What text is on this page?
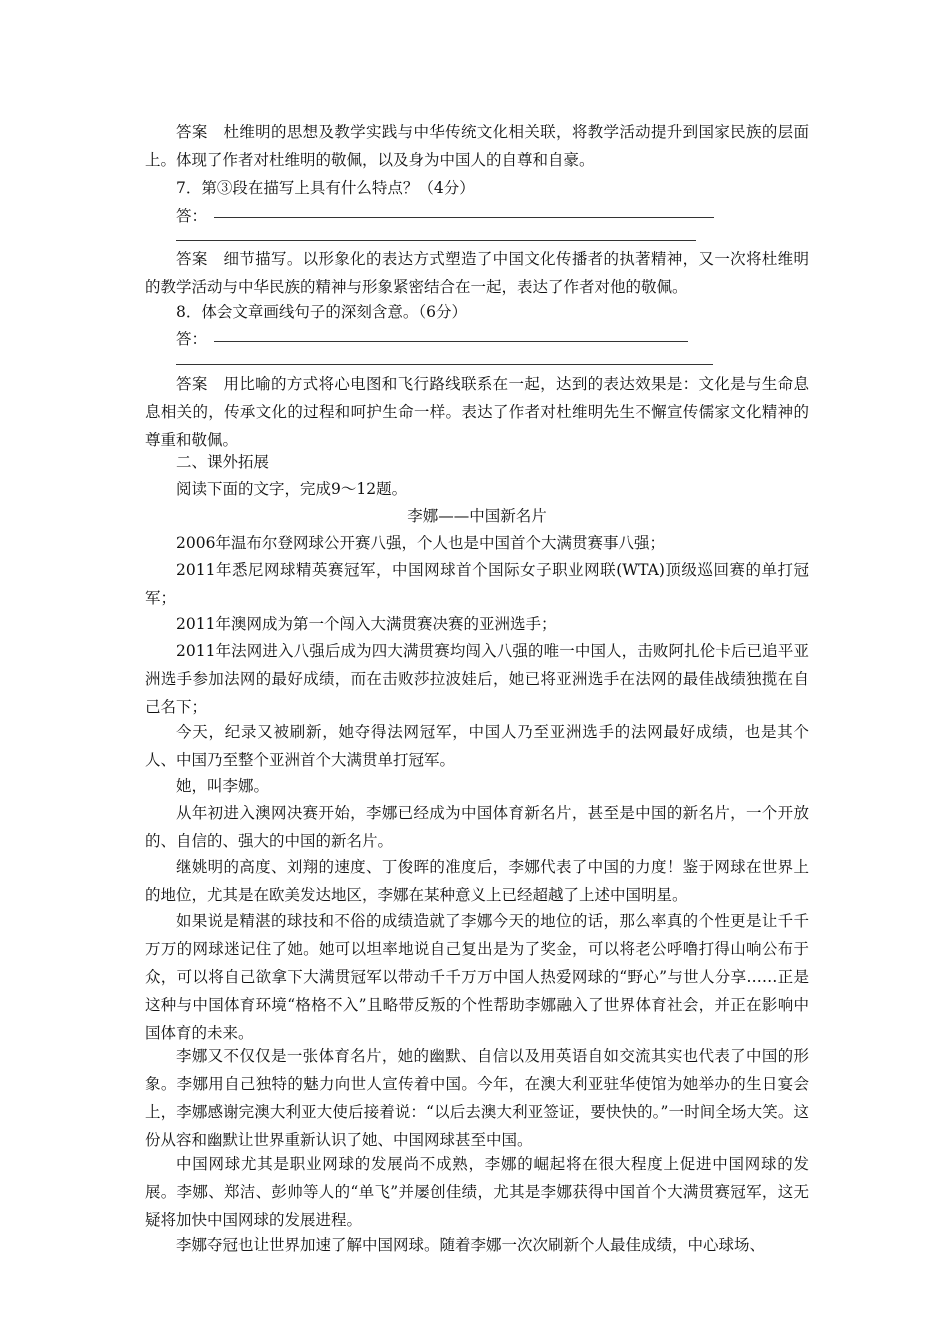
答案　杜维明的思想及教学实践与中华传统文化相关联，将教学活动提升到国家民族的层面上。体现了作者对杜维明的敬佩，以及身为中国人的自尊和自豪。
7．第③段在描写上具有什么特点？（4分）
答：
答案　细节描写。以形象化的表达方式塑造了中国文化传播者的执著精神，又一次将杜维明的教学活动与中华民族的精神与形象紧密结合在一起，表达了作者对他的敬佩。
8．体会文章画线句子的深刻含意。（6分）
答：
答案　用比喻的方式将心电图和飞行路线联系在一起，达到的表达效果是：文化是与生命息息相关的，传承文化的过程和呵护生命一样。表达了作者对杜维明先生不懈宣传儒家文化精神的尊重和敬佩。
二、课外拓展
阅读下面的文字，完成9～12题。
李娜——中国新名片
2006年温布尔登网球公开赛八强，个人也是中国首个大满贯赛事八强；
2011年悉尼网球精英赛冠军，中国网球首个国际女子职业网联(WTA)顶级巡回赛的单打冠军；
2011年澳网成为第一个闯入大满贯赛决赛的亚洲选手；
2011年法网进入八强后成为四大满贯赛均闯入八强的唯一中国人，击败阿扎伦卡后已追平亚洲选手参加法网的最好成绩，而在击败莎拉波娃后，她已将亚洲选手在法网的最佳战绩独揽在自己名下；
今天，纪录又被刷新，她夺得法网冠军，中国人乃至亚洲选手的法网最好成绩，也是其个人、中国乃至整个亚洲首个大满贯单打冠军。
她，叫李娜。
从年初进入澳网决赛开始，李娜已经成为中国体育新名片，甚至是中国的新名片，一个开放的、自信的、强大的中国的新名片。
继姚明的高度、刘翔的速度、丁俊晖的准度后，李娜代表了中国的力度！鉴于网球在世界上的地位，尤其是在欧美发达地区，李娜在某种意义上已经超越了上述中国明星。
如果说是精湛的球技和不俗的成绩造就了李娜今天的地位的话，那么率真的个性更是让千千万万的网球迷记住了她。她可以坦率地说自己复出是为了奖金，可以将老公呼噜打得山响公布于众，可以将自己欲拿下大满贯冠军以带动千千万万中国人热爱网球的“野心”与世人分享……正是这种与中国体育环境“格格不入”且略带反叛的个性帮助李娜融入了世界体育社会，并正在影响中国体育的未来。
李娜又不仅仅是一张体育名片，她的幽默、自信以及用英语自如交流其实也代表了中国的形象。李娜用自己独特的魅力向世人宣传着中国。今年，在澳大利亚驻华使馆为她举办的生日宴会上，李娜感谢完澳大利亚大使后接着说：“以后去澳大利亚签证，要快快的。”一时间全场大笑。这份从容和幽默让世界重新认识了她、中国网球甚至中国。
中国网球尤其是职业网球的发展尚不成熟，李娜的崛起将在很大程度上促进中国网球的发展。李娜、郑洁、彭帅等人的“单飞”并屡创佳绩，尤其是李娜获得中国首个大满贯赛冠军，这无疑将加快中国网球的发展进程。
李娜夺冠也让世界加速了解中国网球。随着李娜一次次刷新个人最佳成绩，中心球场、
